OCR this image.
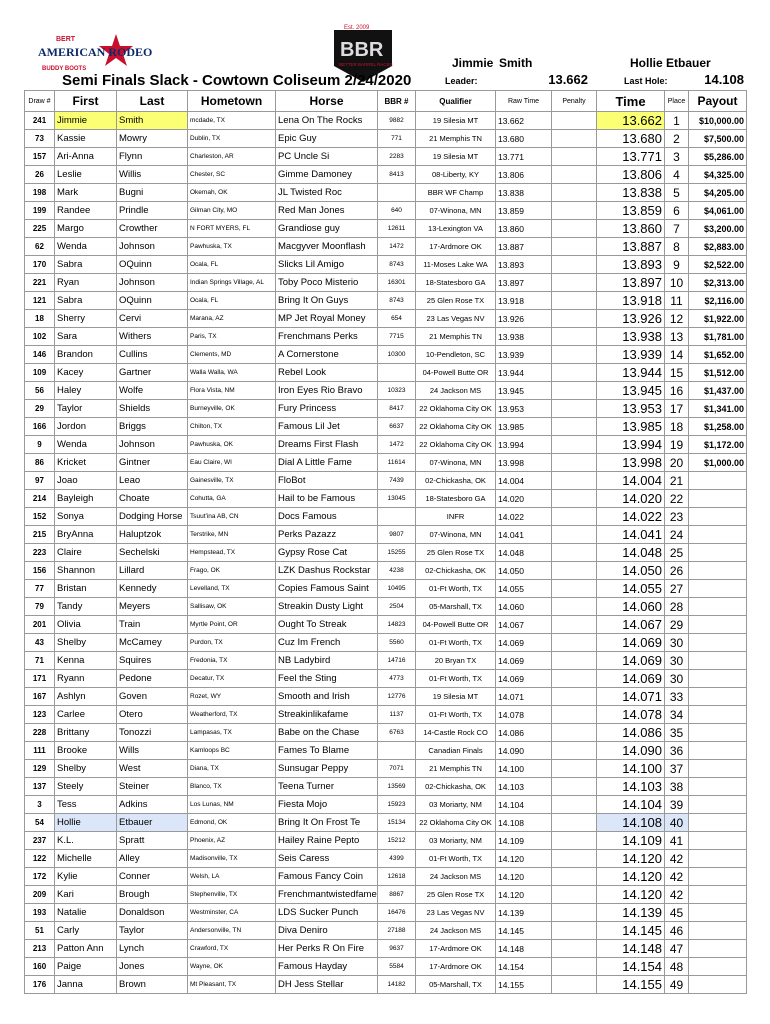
BERT
AMERICAN RODEO
BUDDY BOOTS
Est. 2009
BBR
BETTER BARREL RACES	Jimmie Smith	Hollie Etbauer
Semi Finals Slack - Cowtown Coliseum 2/24/2020	Leader:	13.662	Last Hole:	14.108
Draw #	First	Last	Hometown	Horse	BBR #	Qualifier	Raw Time	Penalty	Time	Place	Payout
241	Jimmie	Smith	mcdade, TX	Lena On The Rocks	9882	19 Silesia MT	13.662		13.662	1	$10,000.00
73	Kassie	Mowry	Dublin, TX	Epic Guy	771	21 Memphis TN	13.680		13.680	2	$7,500.00
157	Ari-Anna	Flynn	Charleston, AR	PC Uncle Si	2283	19 Silesia MT	13.771		13.771	3	$5,286.00
26	Leslie	Willis	Chester, SC	Gimme Damoney	8413	08-Liberty, KY	13.806		13.806	4	$4,325.00
198	Mark	Bugni	Okemah, OK	JL Twisted Roc		BBR WF Champ	13.838		13.838	5	$4,205.00
199	Randee	Prindle	Gilman City, MO	Red Man Jones	640	07-Winona, MN	13.859		13.859	6	$4,061.00
225	Margo	Crowther	N FORT MYERS, FL	Grandiose guy	12611	13-Lexington VA	13.860		13.860	7	$3,200.00
62	Wenda	Johnson	Pawhuska, TX	Macgyver Moonflash	1472	17-Ardmore OK	13.887		13.887	8	$2,883.00
170	Sabra	OQuinn	Ocala, FL	Slicks Lil Amigo	8743	11-Moses Lake WA	13.893		13.893	9	$2,522.00
221	Ryan	Johnson	Indian Springs Village, AL	Toby Poco Misterio	16301	18-Statesboro GA	13.897		13.897	10	$2,313.00
121	Sabra	OQuinn	Ocala, FL	Bring It On Guys	8743	25 Glen Rose TX	13.918		13.918	11	$2,116.00
18	Sherry	Cervi	Marana, AZ	MP Jet Royal Money	654	23 Las Vegas NV	13.926		13.926	12	$1,922.00
102	Sara	Withers	Paris, TX	Frenchmans Perks	7715	21 Memphis TN	13.938		13.938	13	$1,781.00
146	Brandon	Cullins	Clements, MD	A Cornerstone	10300	10-Pendleton, SC	13.939		13.939	14	$1,652.00
109	Kacey	Gartner	Walla Walla, WA	Rebel Look		04-Powell Butte OR	13.944		13.944	15	$1,512.00
56	Haley	Wolfe	Flora Vista, NM	Iron Eyes Rio Bravo	10323	24 Jackson MS	13.945		13.945	16	$1,437.00
29	Taylor	Shields	Burneyville, OK	Fury Princess	8417	22 Oklahoma City OK	13.953		13.953	17	$1,341.00
166	Jordon	Briggs	Chilton, TX	Famous Lil Jet	6637	22 Oklahoma City OK	13.985		13.985	18	$1,258.00
9	Wenda	Johnson	Pawhuska, OK	Dreams First Flash	1472	22 Oklahoma City OK	13.994		13.994	19	$1,172.00
86	Kricket	Gintner	Eau Claire, WI	Dial A Little Fame	11614	07-Winona, MN	13.998		13.998	20	$1,000.00
97	Joao	Leao	Gainesville, TX	FloBot	7439	02-Chickasha, OK	14.004		14.004	21	
214	Bayleigh	Choate	Cohutta, GA	Hail to be Famous	13045	18-Statesboro GA	14.020		14.020	22	
152	Sonya	Dodging Horse	Tsuut'ina AB, CN	Docs Famous		INFR	14.022		14.022	23	
215	BryAnna	Haluptzok	Terstrike, MN	Perks Pazazz	9807	07-Winona, MN	14.041		14.041	24	
223	Claire	Sechelski	Hempstead, TX	Gypsy Rose Cat	15255	25 Glen Rose TX	14.048		14.048	25	
156	Shannon	Lillard	Frago, OK	LZK Dashus Rockstar	4238	02-Chickasha, OK	14.050		14.050	26	
77	Bristan	Kennedy	Levelland, TX	Copies Famous Saint	10495	01-Ft Worth, TX	14.055		14.055	27	
79	Tandy	Meyers	Sallisaw, OK	Streakin Dusty Light	2504	05-Marshall, TX	14.060		14.060	28	
201	Olivia	Train	Myrtle Point, OR	Ought To Streak	14823	04-Powell Butte OR	14.067		14.067	29	
43	Shelby	McCamey	Purdon, TX	Cuz Im French	5560	01-Ft Worth, TX	14.069		14.069	30	
71	Kenna	Squires	Fredonia, TX	NB Ladybird	14716	20 Bryan TX	14.069		14.069	30	
171	Ryann	Pedone	Decatur, TX	Feel the Sting	4773	01-Ft Worth, TX	14.069		14.069	30	
167	Ashlyn	Goven	Rozet, WY	Smooth and Irish	12776	19 Silesia MT	14.071		14.071	33	
123	Carlee	Otero	Weatherford, TX	Streakinlikafame	1137	01-Ft Worth, TX	14.078		14.078	34	
228	Brittany	Tonozzi	Lampasas, TX	Babe on the Chase	6763	14-Castle Rock CO	14.086		14.086	35	
111	Brooke	Wills	Kamloops BC	Fames To Blame		Canadian Finals	14.090		14.090	36	
129	Shelby	West	Diana, TX	Sunsugar Peppy	7071	21 Memphis TN	14.100		14.100	37	
137	Steely	Steiner	Blanco, TX	Teena Turner	13569	02-Chickasha, OK	14.103		14.103	38	
3	Tess	Adkins	Los Lunas, NM	Fiesta Mojo	15923	03 Moriarty, NM	14.104		14.104	39	
54	Hollie	Etbauer	Edmond, OK	Bring It On Frost Te	15134	22 Oklahoma City OK	14.108		14.108	40	
237	K.L.	Spratt	Phoenix, AZ	Hailey Raine Pepto	15212	03 Moriarty, NM	14.109		14.109	41	
122	Michelle	Alley	Madisonville, TX	Seis Caress	4399	01-Ft Worth, TX	14.120		14.120	42	
172	Kylie	Conner	Welsh, LA	Famous Fancy Coin	12618	24 Jackson MS	14.120		14.120	42	
209	Kari	Brough	Stephenville, TX	Frenchmantwistedfame	8867	25 Glen Rose TX	14.120		14.120	42	
193	Natalie	Donaldson	Westminster, CA	LDS Sucker Punch	16476	23 Las Vegas NV	14.139		14.139	45	
51	Carly	Taylor	Andersonville, TN	Diva Deniro	27188	24 Jackson MS	14.145		14.145	46	
213	Patton Ann	Lynch	Crawford, TX	Her Perks R On Fire	9637	17-Ardmore OK	14.148		14.148	47	
160	Paige	Jones	Wayne, OK	Famous Hayday	5584	17-Ardmore OK	14.154		14.154	48	
176	Janna	Brown	Mt Pleasant, TX	DH Jess Stellar	14182	05-Marshall, TX	14.155		14.155	49	
